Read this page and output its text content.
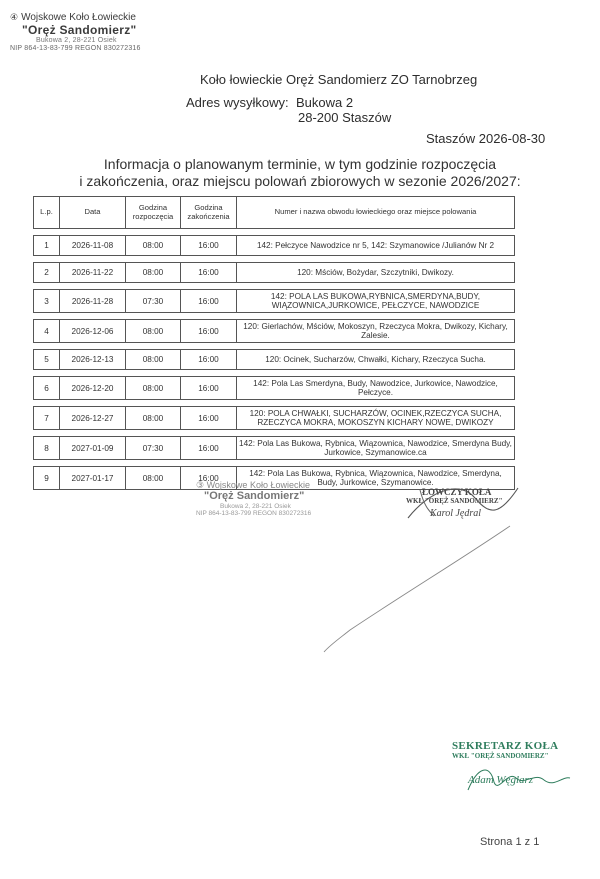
④ Wojskowe Koło Łowieckie
"Oręż Sandomierz"
Bukowa 2, 28-221 Osiek
NIP 864-13-83-799 REGON 830272316
Koło łowieckie Oręż Sandomierz ZO Tarnobrzeg
Adres wysyłkowy: Bukowa 2
28-200 Staszów
Staszów 2026-08-30
Informacja o planowanym terminie, w tym godzinie rozpoczęcia
i zakończenia, oraz miejscu polowań zbiorowych w sezonie 2026/2027:
L.p.	Data	Godzina rozpoczęcia	Godzina zakończenia	Numer i nazwa obwodu łowieckiego oraz miejsce polowania

1	2026-11-08	08:00	16:00	142: Pełczyce Nawodzice nr 5, 142: Szymanowice /Julianów Nr 2

2	2026-11-22	08:00	16:00	120: Mściów, Bożydar, Szczytniki, Dwikozy.

3	2026-11-28	07:30	16:00	142: POLA LAS BUKOWA,RYBNICA,SMERDYNA,BUDY, WIĄZOWNICA,JURKOWICE, PEŁCZYCE, NAWODZICE

4	2026-12-06	08:00	16:00	120: Gierlachów, Mściów, Mokoszyn, Rzeczyca Mokra, Dwikozy, Kichary, Zalesie.

5	2026-12-13	08:00	16:00	120: Ocinek, Sucharzów, Chwałki, Kichary, Rzeczyca Sucha.

6	2026-12-20	08:00	16:00	142: Pola Las Smerdyna, Budy, Nawodzice, Jurkowice, Nawodzice, Pełczyce.

7	2026-12-27	08:00	16:00	120: POLA CHWAŁKI, SUCHARZÓW, OCINEK,RZECZYCA SUCHA, RZECZYCA MOKRA, MOKOSZYN KICHARY NOWE, DWIKOZY

8	2027-01-09	07:30	16:00	142: Pola Las Bukowa, Rybnica, Wiązownica, Nawodzice, Smerdyna Budy, Jurkowice, Szymanowice.ca

9	2027-01-17	08:00	16:00	142: Pola Las Bukowa, Rybnica, Wiązownica, Nawodzice, Smerdyna, Budy, Jurkowice, Szymanowice.
③ Wojskowe Koło Łowieckie
"Oręż Sandomierz"
Bukowa 2, 28-221 Osiek
NIP 864-13-83-799 REGON 830272316
ŁOWCZY KOŁA
WKŁ "ORĘŻ SANDOMIERZ"
Karol Jędral
SEKRETARZ KOŁA
WKŁ "ORĘŻ SANDOMIERZ"
Adam Węglarz
Strona 1 z 1
